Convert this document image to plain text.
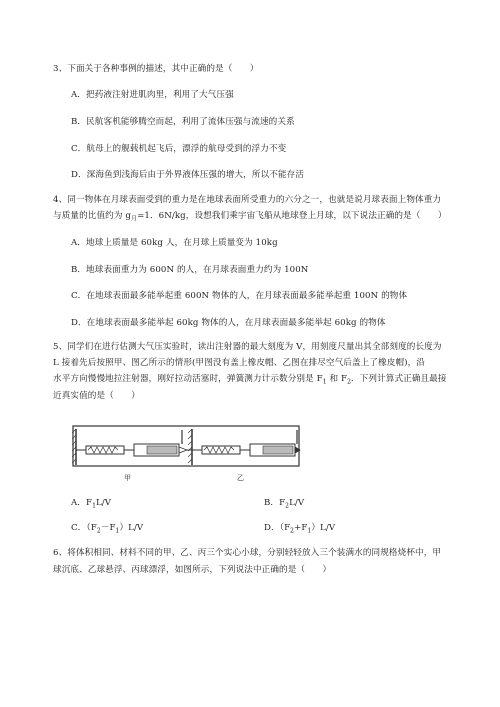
3、下面关于各种事例的描述，其中正确的是（　　）
A．把药液注射进肌肉里，利用了大气压强
B．民航客机能够腾空而起，利用了流体压强与流速的关系
C．航母上的舰载机起飞后，漂浮的航母受到的浮力不变
D．深海鱼到浅海后由于外界液体压强的增大，所以不能存活
4、同一物体在月球表面受到的重力是在地球表面所受重力的六分之一，也就是说月球表面上物体重力
与质量的比值约为 $g_月=1$．6N/kg，设想我们乘宇宙飞船从地球登上月球，以下说法正确的是（　　）
A．地球上质量是 60kg 人，在月球上质量变为 10kg
B．地球表面重力为 600N 的人，在月球表面重力约为 100N
C．在地球表面最多能举起重 600N 物体的人，在月球表面最多能举起重 100N 的物体
D．在地球表面最多能举起 60kg 物体的人，在月球表面最多能举起 60kg 的物体
5、同学们在进行估测大气压实验时，读出注射器的最大刻度为 V，用刻度尺量出其全部刻度的长度为
L 接着先后按照甲、图乙所示的情形(甲图没有盖上橡皮帽、乙图在排尽空气后盖上了橡皮帽)，沿
水平方向慢慢地拉注射器，刚好拉动活塞时，弹簧测力计示数分别是 $F_1$ 和 $F_2$．下列计算式正确且最接
近真实值的是（　　）
甲	乙
A．$F_1L/V$	B．$F_2L/V$
C．$(F_2-F_1)L/V$	D．$(F_2+F_1)L/V$
6、将体积相同、材料不同的甲、乙、丙三个实心小球，分别轻轻放入三个装满水的同规格烧杯中，甲
球沉底、乙球悬浮、丙球漂浮，如图所示，下列说法中正确的是（　　）
